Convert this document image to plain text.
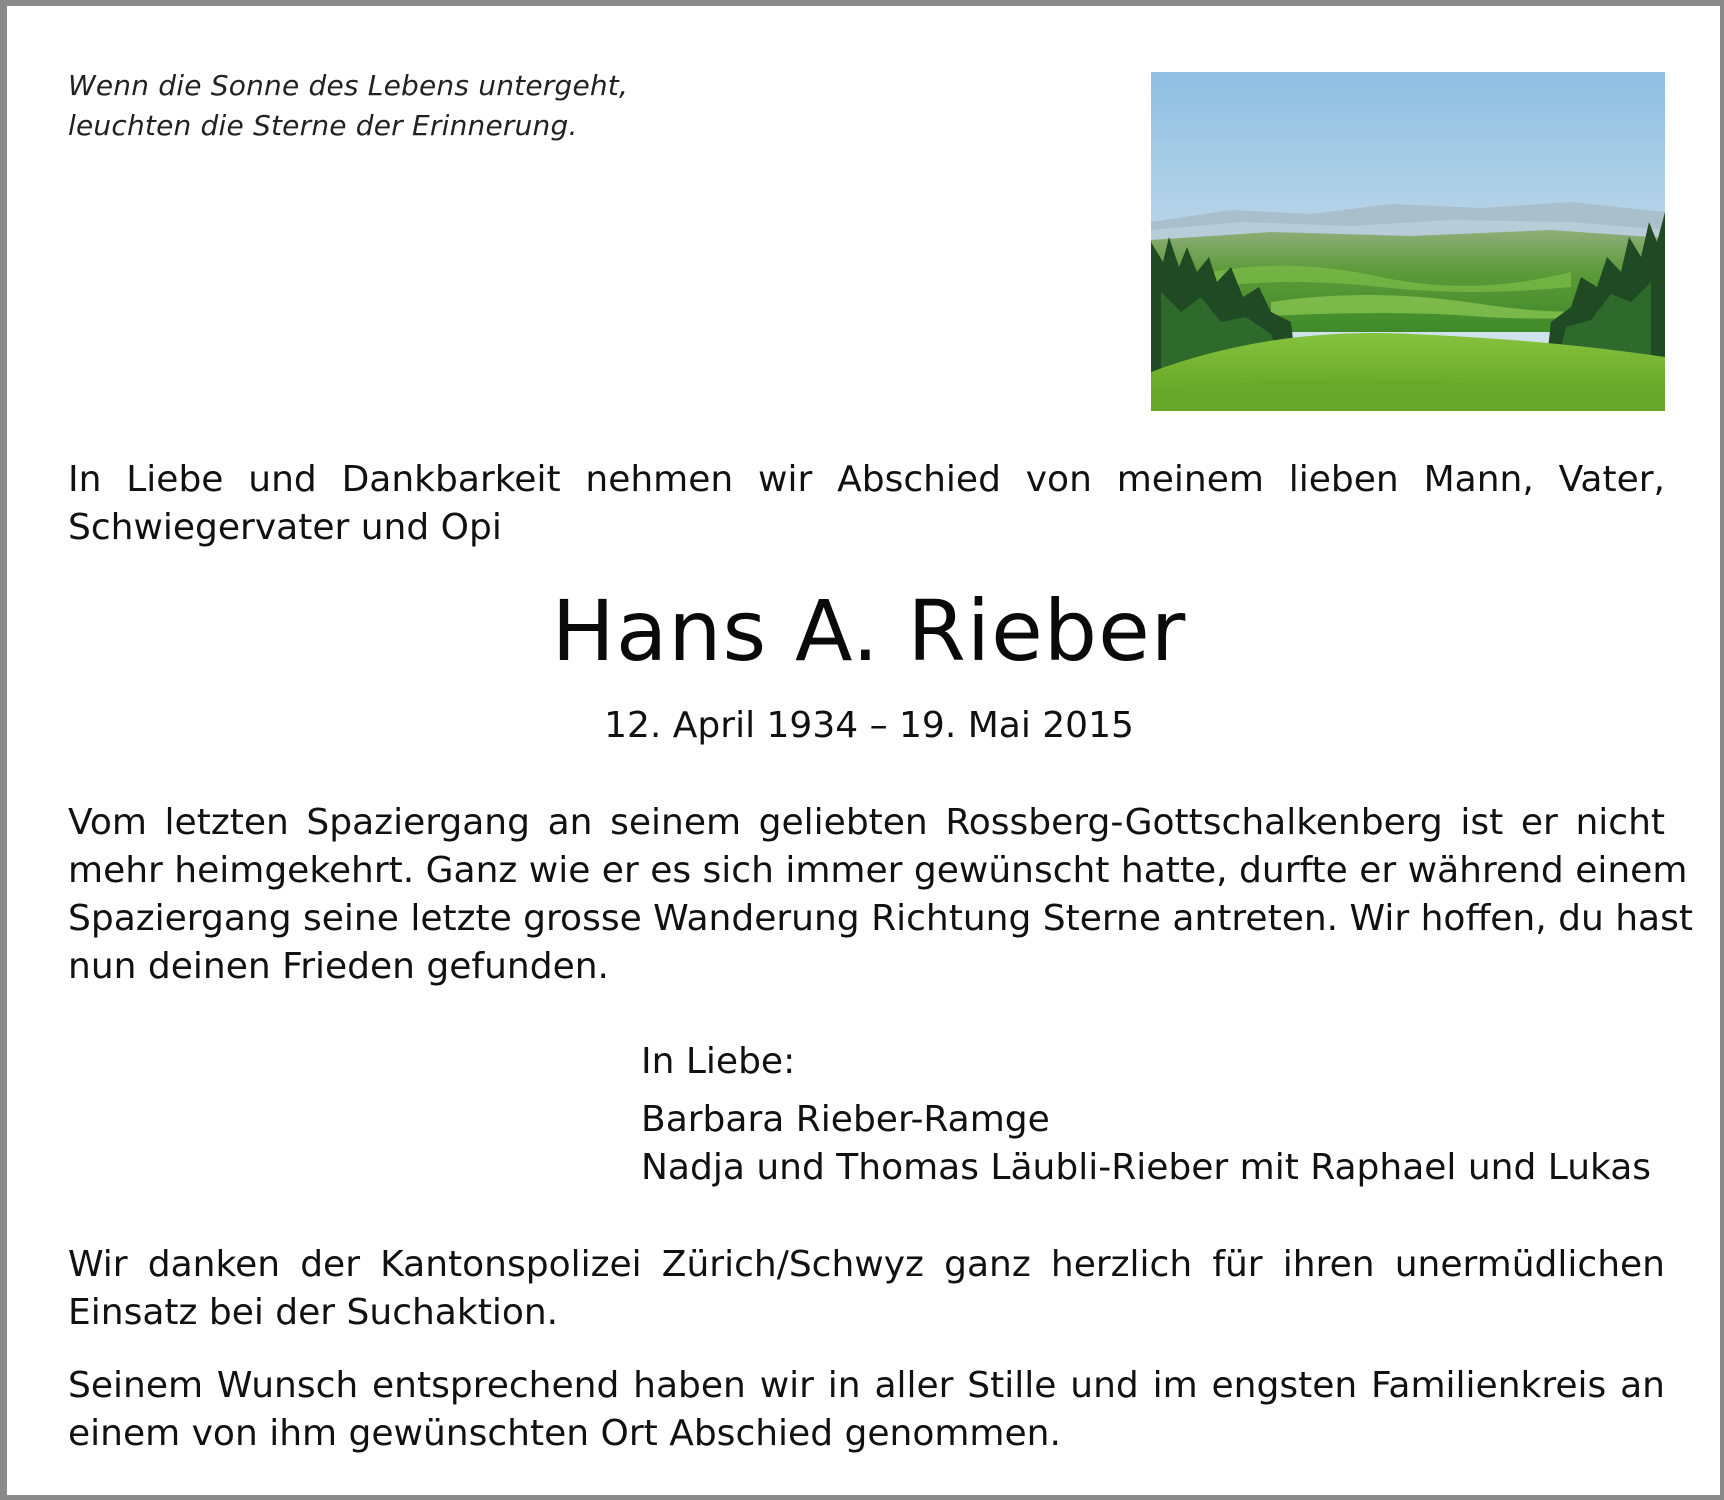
Wenn die Sonne des Lebens untergeht,
leuchten die Sterne der Erinnerung.
In Liebe und Dankbarkeit nehmen wir Abschied von meinem lieben Mann, Vater,
Schwiegervater und Opi
Hans A. Rieber
12. April 1934 – 19. Mai 2015
Vom letzten Spaziergang an seinem geliebten Rossberg-Gottschalkenberg ist er nicht
mehr heimgekehrt. Ganz wie er es sich immer gewünscht hatte, durfte er während einem
Spaziergang seine letzte grosse Wanderung Richtung Sterne antreten. Wir hoffen, du hast
nun deinen Frieden gefunden.
In Liebe:
Barbara Rieber-Ramge
Nadja und Thomas Läubli-Rieber mit Raphael und Lukas
Wir danken der Kantonspolizei Zürich/Schwyz ganz herzlich für ihren unermüdlichen
Einsatz bei der Suchaktion.
Seinem Wunsch entsprechend haben wir in aller Stille und im engsten Familienkreis an
einem von ihm gewünschten Ort Abschied genommen.
